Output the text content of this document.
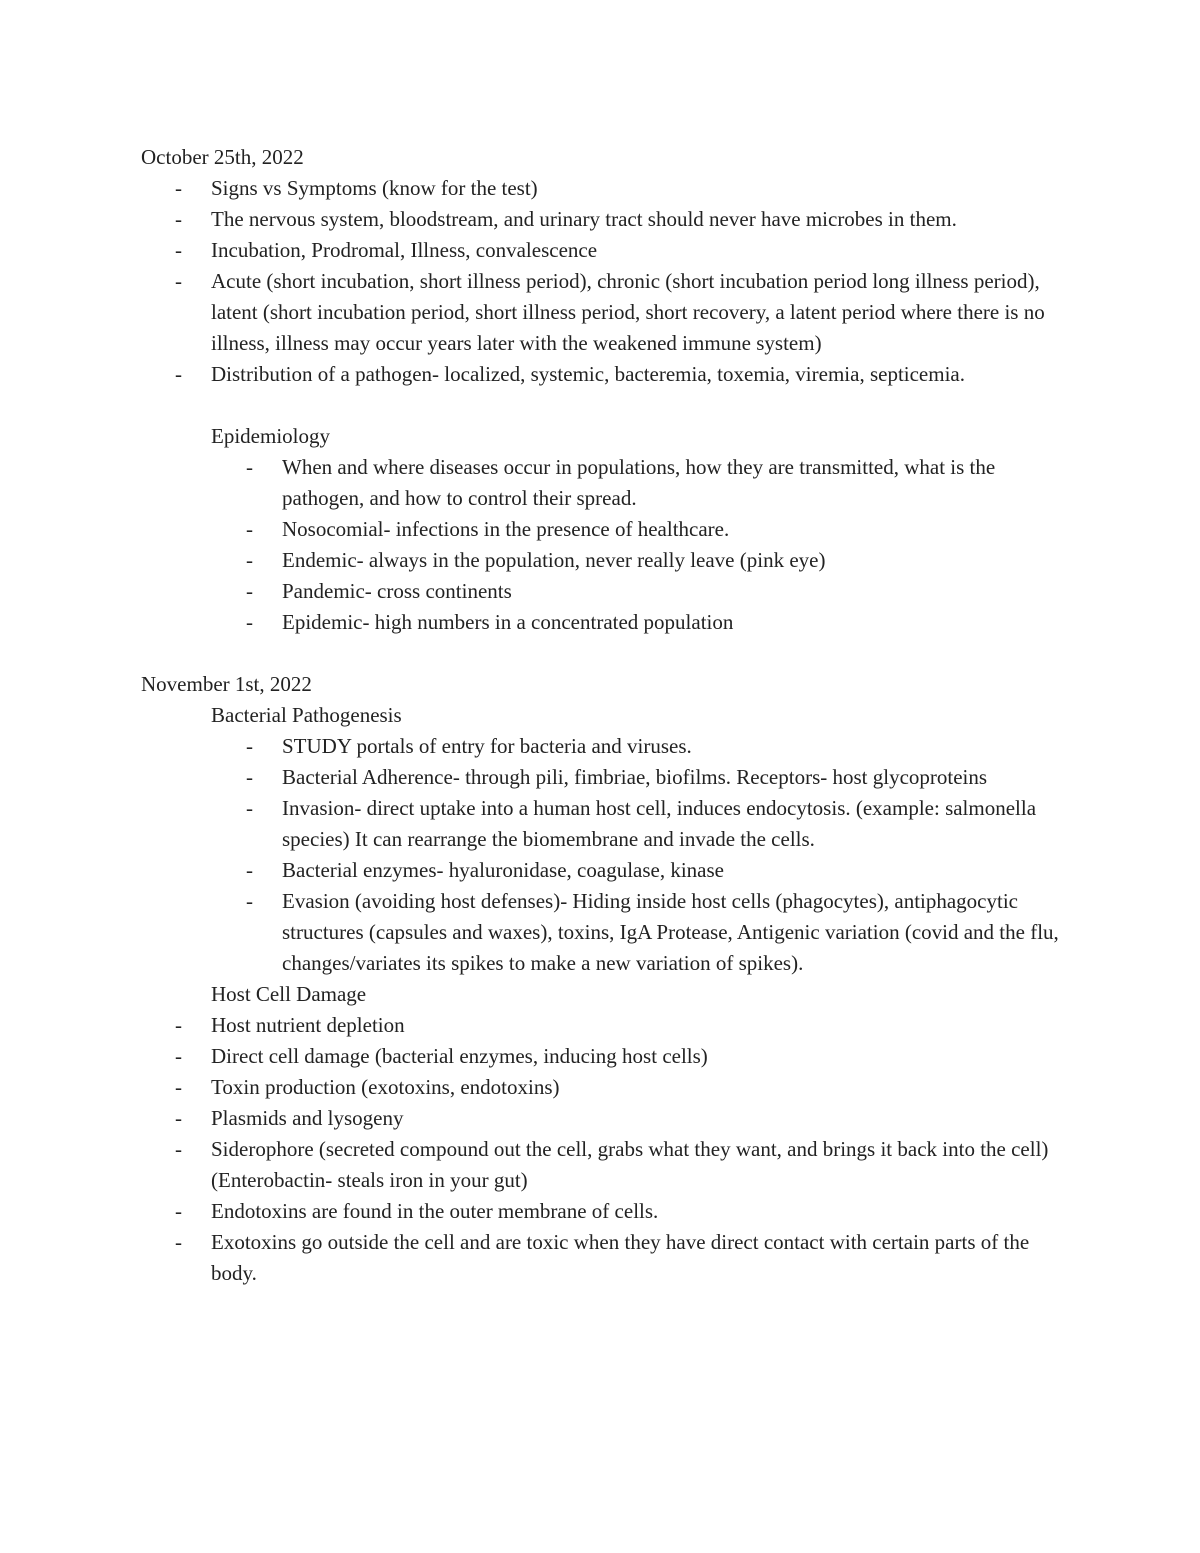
October 25th, 2022

- Signs vs Symptoms (know for the test)
- The nervous system, bloodstream, and urinary tract should never have microbes in them.
- Incubation, Prodromal, Illness, convalescence
- Acute (short incubation, short illness period), chronic (short incubation period long illness period), latent (short incubation period, short illness period, short recovery, a latent period where there is no illness, illness may occur years later with the weakened immune system)
- Distribution of a pathogen- localized, systemic, bacteremia, toxemia, viremia, septicemia.

Epidemiology

- When and where diseases occur in populations, how they are transmitted, what is the pathogen, and how to control their spread.
- Nosocomial- infections in the presence of healthcare.
- Endemic- always in the population, never really leave (pink eye)
- Pandemic- cross continents
- Epidemic- high numbers in a concentrated population

November 1st, 2022

Bacterial Pathogenesis

- STUDY portals of entry for bacteria and viruses.
- Bacterial Adherence- through pili, fimbriae, biofilms. Receptors- host glycoproteins
- Invasion- direct uptake into a human host cell, induces endocytosis. (example: salmonella species) It can rearrange the biomembrane and invade the cells.
- Bacterial enzymes- hyaluronidase, coagulase, kinase
- Evasion (avoiding host defenses)- Hiding inside host cells (phagocytes), antiphagocytic structures (capsules and waxes), toxins, IgA Protease, Antigenic variation (covid and the flu, changes/variates its spikes to make a new variation of spikes).

Host Cell Damage

- Host nutrient depletion
- Direct cell damage (bacterial enzymes, inducing host cells)
- Toxin production (exotoxins, endotoxins)
- Plasmids and lysogeny
- Siderophore (secreted compound out the cell, grabs what they want, and brings it back into the cell) (Enterobactin- steals iron in your gut)
- Endotoxins are found in the outer membrane of cells.
- Exotoxins go outside the cell and are toxic when they have direct contact with certain parts of the body.
